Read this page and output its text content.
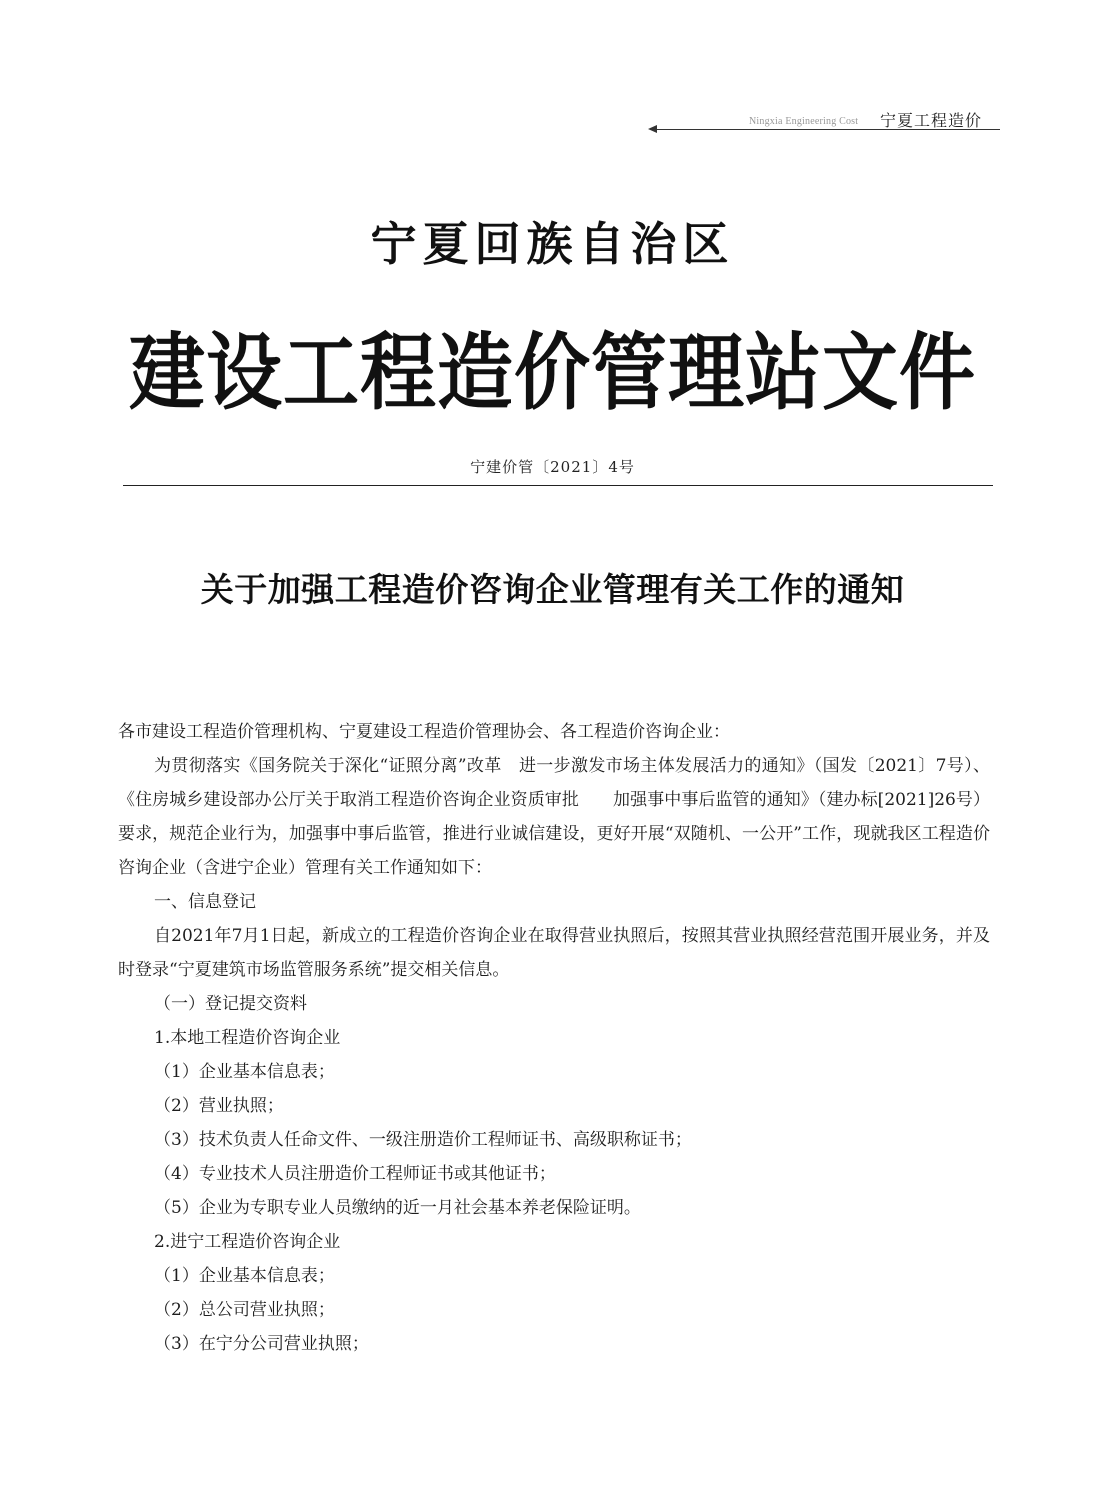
Ningxia Engineering Cost 宁夏工程造价
宁夏回族自治区
建设工程造价管理站文件
宁建价管〔2021〕4号
关于加强工程造价咨询企业管理有关工作的通知

各市建设工程造价管理机构、宁夏建设工程造价管理协会、各工程造价咨询企业：

为贯彻落实《国务院关于深化“证照分离”改革　进一步激发市场主体发展活力的通知》（国发〔2021〕7号）、《住房城乡建设部办公厅关于取消工程造价咨询企业资质审批　　加强事中事后监管的通知》（建办标[2021]26号）要求，规范企业行为，加强事中事后监管，推进行业诚信建设，更好开展“双随机、一公开”工作，现就我区工程造价咨询企业（含进宁企业）管理有关工作通知如下：

一、信息登记

自2021年7月1日起，新成立的工程造价咨询企业在取得营业执照后，按照其营业执照经营范围开展业务，并及时登录“宁夏建筑市场监管服务系统”提交相关信息。

（一）登记提交资料

1.本地工程造价咨询企业

（1）企业基本信息表；

（2）营业执照；

（3）技术负责人任命文件、一级注册造价工程师证书、高级职称证书；

（4）专业技术人员注册造价工程师证书或其他证书；

（5）企业为专职专业人员缴纳的近一月社会基本养老保险证明。

2.进宁工程造价咨询企业

（1）企业基本信息表；

（2）总公司营业执照；

（3）在宁分公司营业执照；
